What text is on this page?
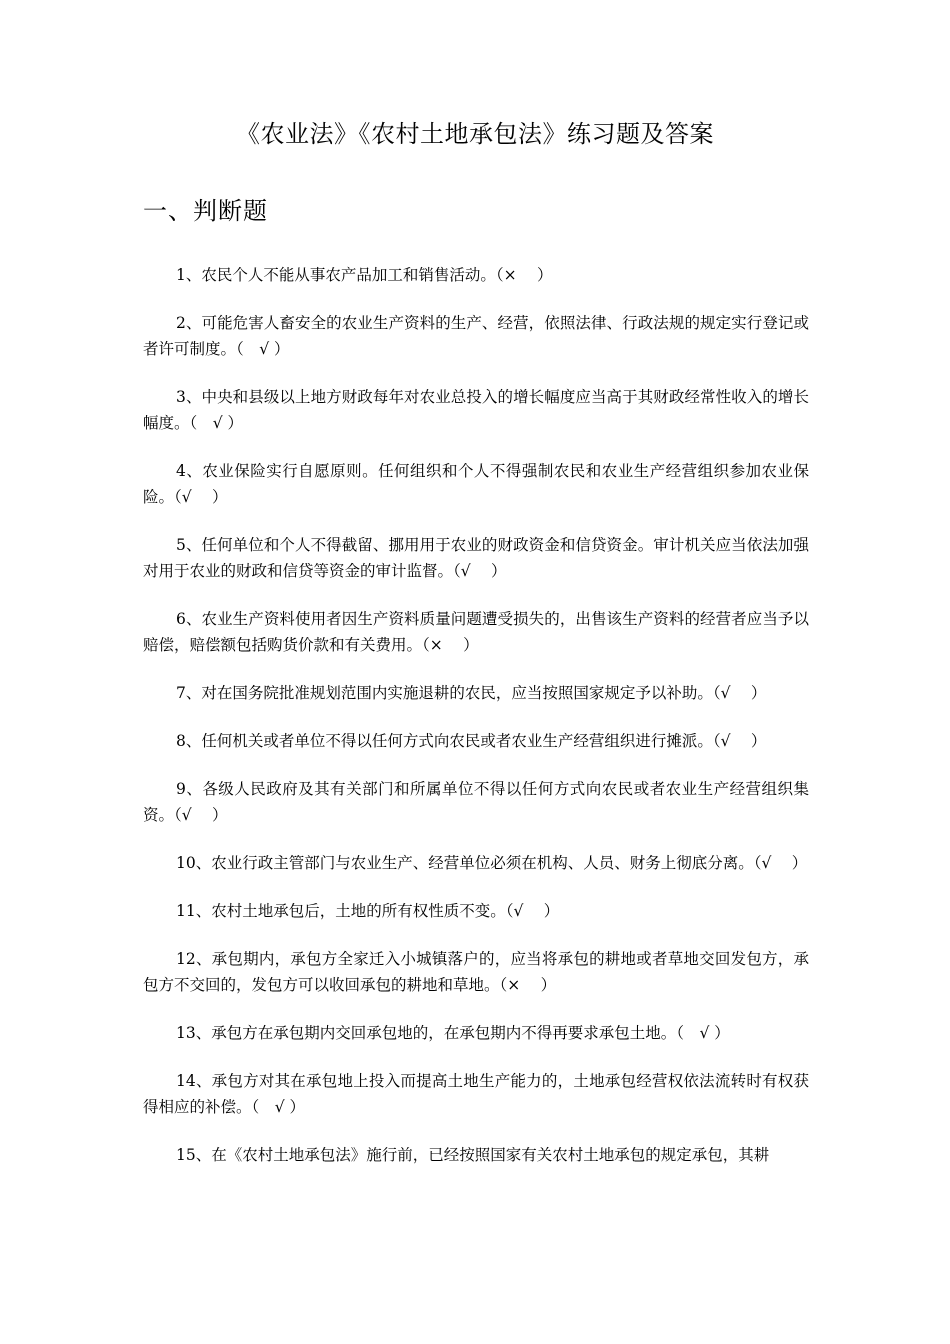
《农业法》《农村土地承包法》练习题及答案
一、判断题
1、农民个人不能从事农产品加工和销售活动。（×　 ）
2、可能危害人畜安全的农业生产资料的生产、经营，依照法律、行政法规的规定实行登记或者许可制度。（　√ ）
3、中央和县级以上地方财政每年对农业总投入的增长幅度应当高于其财政经常性收入的增长幅度。（　√ ）
4、农业保险实行自愿原则。任何组织和个人不得强制农民和农业生产经营组织参加农业保险。（√　 ）
5、任何单位和个人不得截留、挪用用于农业的财政资金和信贷资金。审计机关应当依法加强对用于农业的财政和信贷等资金的审计监督。（√　 ）
6、农业生产资料使用者因生产资料质量问题遭受损失的，出售该生产资料的经营者应当予以赔偿，赔偿额包括购货价款和有关费用。（×　 ）
7、对在国务院批准规划范围内实施退耕的农民，应当按照国家规定予以补助。（√　 ）
8、任何机关或者单位不得以任何方式向农民或者农业生产经营组织进行摊派。（√　 ）
9、各级人民政府及其有关部门和所属单位不得以任何方式向农民或者农业生产经营组织集资。（√　 ）
10、农业行政主管部门与农业生产、经营单位必须在机构、人员、财务上彻底分离。（√　 ）
11、农村土地承包后，土地的所有权性质不变。（√　 ）
12、承包期内，承包方全家迁入小城镇落户的，应当将承包的耕地或者草地交回发包方，承包方不交回的，发包方可以收回承包的耕地和草地。（×　 ）
13、承包方在承包期内交回承包地的，在承包期内不得再要求承包土地。（　√ ）
14、承包方对其在承包地上投入而提高土地生产能力的，土地承包经营权依法流转时有权获得相应的补偿。（　√ ）
15、在《农村土地承包法》施行前，已经按照国家有关农村土地承包的规定承包，其耕
